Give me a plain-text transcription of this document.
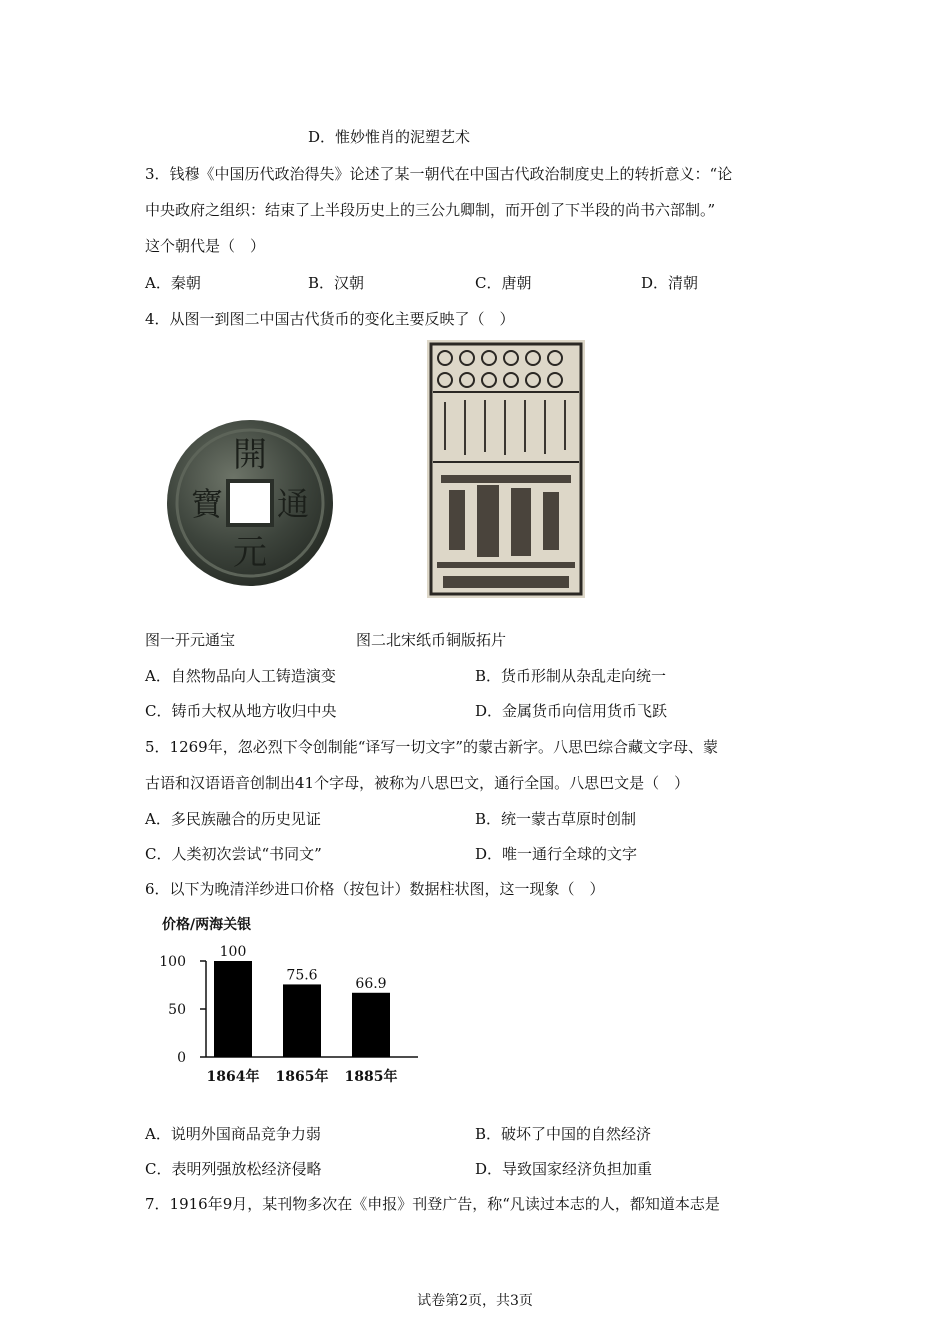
D．惟妙惟肖的泥塑艺术
3．钱穆《中国历代政治得失》论述了某一朝代在中国古代政治制度史上的转折意义：“论
中央政府之组织：结束了上半段历史上的三公九卿制，而开创了下半段的尚书六部制。”
这个朝代是（　）
A．秦朝	B．汉朝	C．唐朝	D．清朝
4．从图一到图二中国古代货币的变化主要反映了（　）
開
通
元
寶
图一开元通宝	图二北宋纸币铜版拓片
A．自然物品向人工铸造演变	B．货币形制从杂乱走向统一
C．铸币大权从地方收归中央	D．金属货币向信用货币飞跃
5．1269年，忽必烈下令创制能“译写一切文字”的蒙古新字。八思巴综合藏文字母、蒙
古语和汉语语音创制出41个字母，被称为八思巴文，通行全国。八思巴文是（　）
A．多民族融合的历史见证	B．统一蒙古草原时创制
C．人类初次尝试“书同文”	D．唯一通行全球的文字
6．以下为晚清洋纱进口价格（按包计）数据柱状图，这一现象（　）
价格/两海关银
100
50
0
100
1864年
75.6
1865年
66.9
1885年
A．说明外国商品竞争力弱	B．破坏了中国的自然经济
C．表明列强放松经济侵略	D．导致国家经济负担加重
7．1916年9月，某刊物多次在《申报》刊登广告，称“凡读过本志的人，都知道本志是
试卷第2页，共3页
